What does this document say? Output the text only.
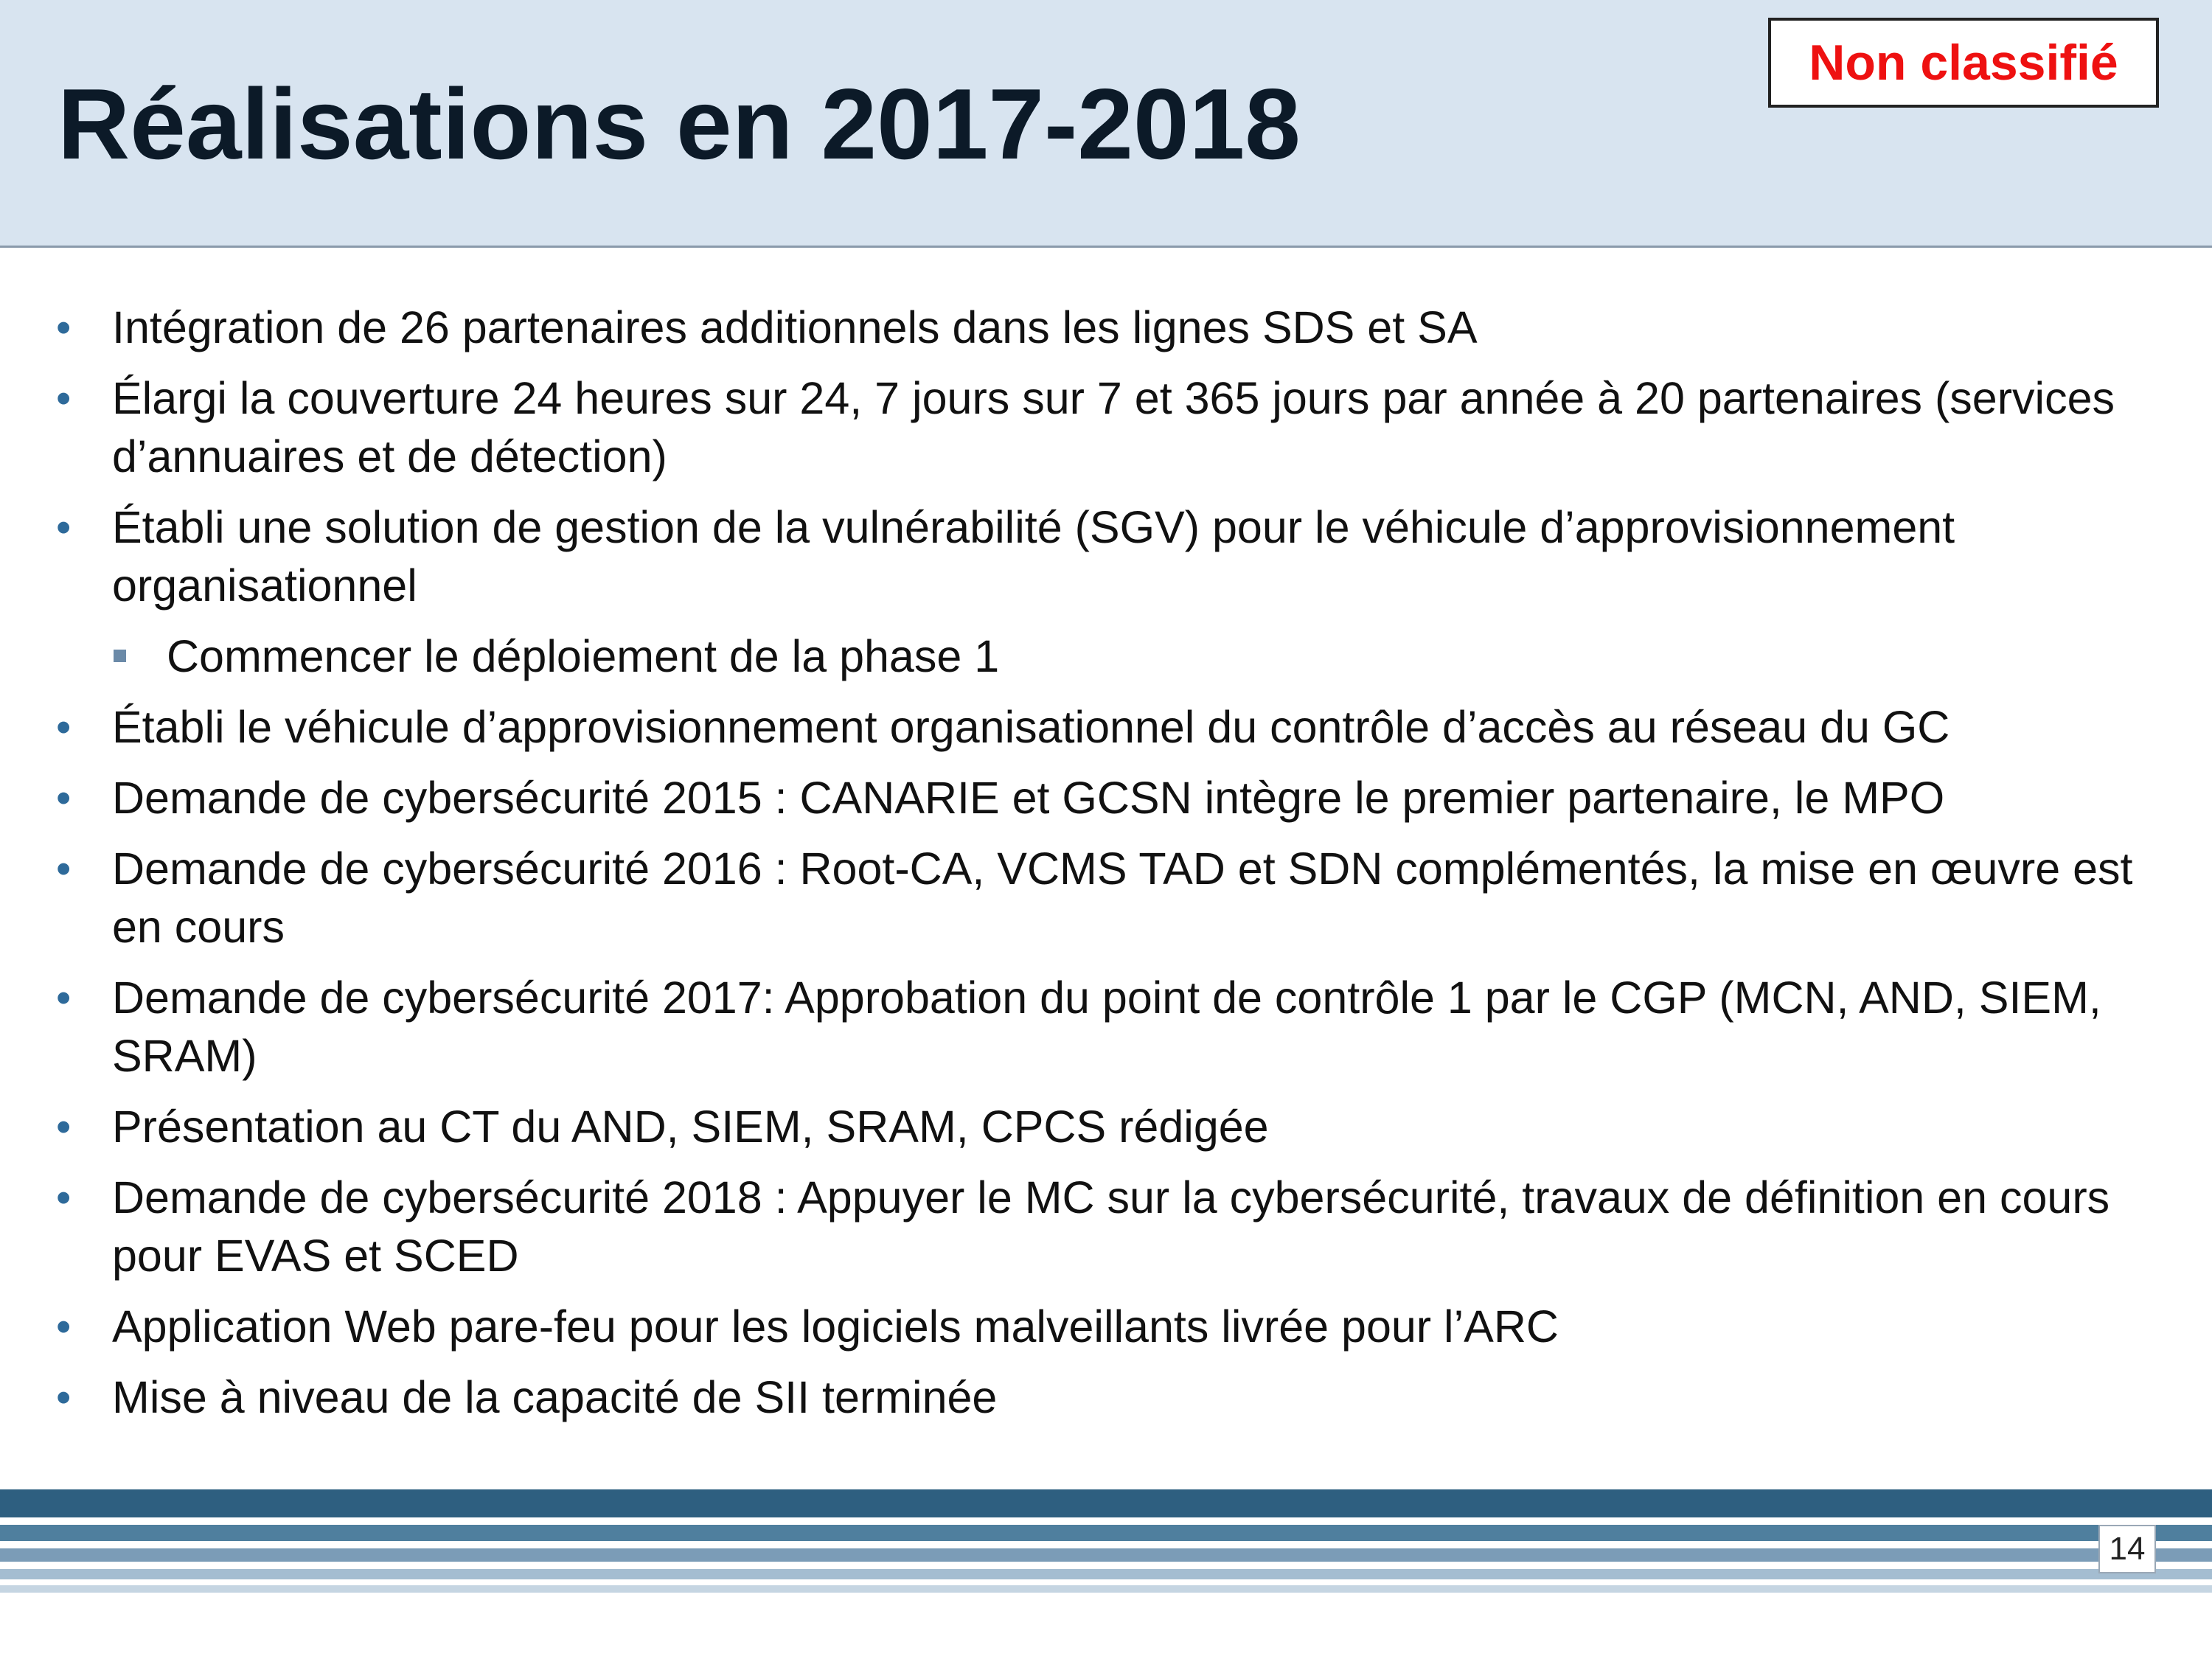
Réalisations en 2017-2018
Non classifié
• Intégration de 26 partenaires additionnels dans les lignes SDS et SA
• Élargi la couverture 24 heures sur 24, 7 jours sur 7 et 365 jours par année à 20 partenaires (services d’annuaires et de détection)
• Établi une solution de gestion de la vulnérabilité (SGV) pour le véhicule d’approvisionnement organisationnel
Commencer le déploiement de la phase 1
• Établi le véhicule d’approvisionnement organisationnel du contrôle d’accès au réseau du GC
• Demande de cybersécurité 2015 : CANARIE et GCSN intègre le premier partenaire, le MPO
• Demande de cybersécurité 2016 : Root-CA, VCMS TAD et SDN complémentés, la mise en œuvre est en cours
• Demande de cybersécurité 2017: Approbation du point de contrôle 1 par le CGP (MCN, AND, SIEM, SRAM)
• Présentation au CT du AND, SIEM, SRAM, CPCS rédigée
• Demande de cybersécurité 2018 : Appuyer le MC sur la cybersécurité, travaux de définition en cours pour EVAS et SCED
• Application Web pare-feu pour les logiciels malveillants livrée pour l’ARC
• Mise à niveau de la capacité de SII terminée
14
